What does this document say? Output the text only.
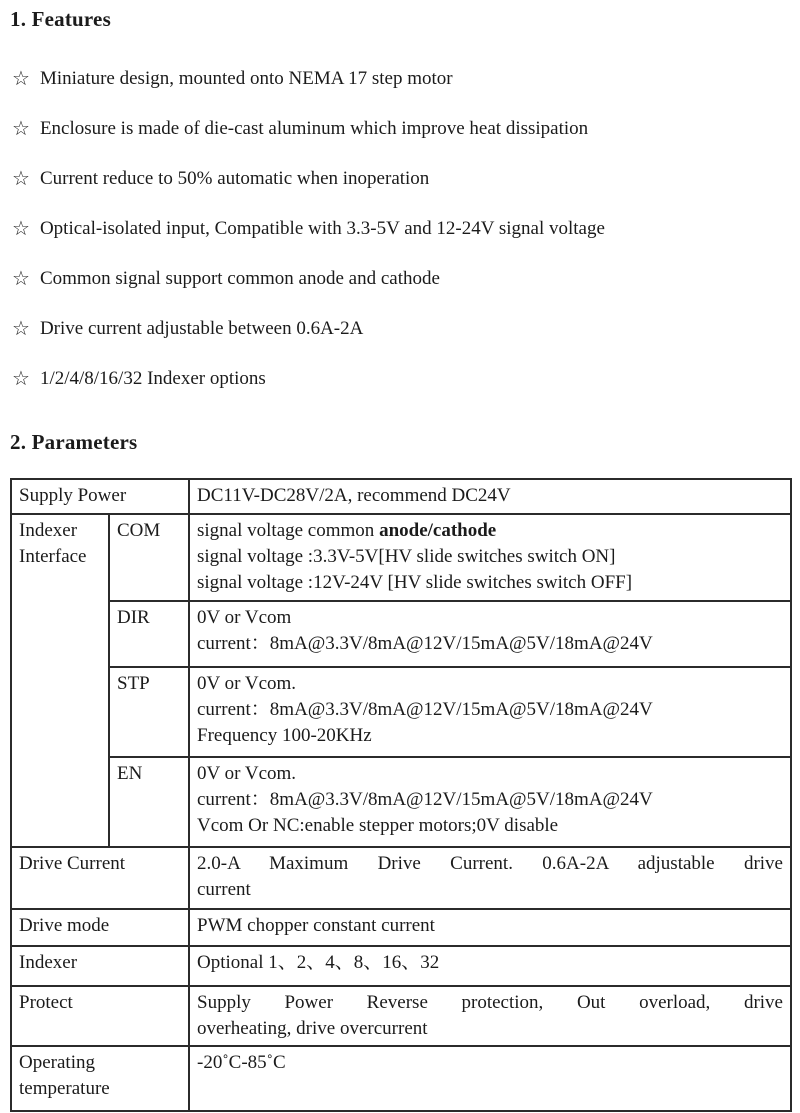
1. Features
☆ Miniature design, mounted onto NEMA 17 step motor
☆ Enclosure is made of die-cast aluminum which improve heat dissipation
☆ Current reduce to 50% automatic when inoperation
☆ Optical-isolated input, Compatible with 3.3-5V and 12-24V signal voltage
☆ Common signal support common anode and cathode
☆ Drive current adjustable between 0.6A-2A
☆ 1/2/4/8/16/32 Indexer options
2. Parameters
Supply Power		DC11V-DC28V/2A, recommend DC24V
Indexer Interface	COM	signal voltage common anode/cathode
signal voltage :3.3V-5V[HV slide switches switch ON]
signal voltage :12V-24V [HV slide switches switch OFF]

	DIR	0V or Vcom
current：8mA@3.3V/8mA@12V/15mA@5V/18mA@24V

	STP	0V or Vcom.
current：8mA@3.3V/8mA@12V/15mA@5V/18mA@24V
Frequency 100-20KHz

	EN	0V or Vcom.
current：8mA@3.3V/8mA@12V/15mA@5V/18mA@24V
Vcom Or NC:enable stepper motors;0V disable

Drive Current		2.0-A Maximum Drive Current. 0.6A-2A adjustable drive
current

Drive mode		PWM chopper constant current
Indexer		Optional 1、2、4、8、16、32
Protect		Supply Power Reverse protection, Out overload, drive
overheating, drive overcurrent

Operating temperature		-20˚C-85˚C
